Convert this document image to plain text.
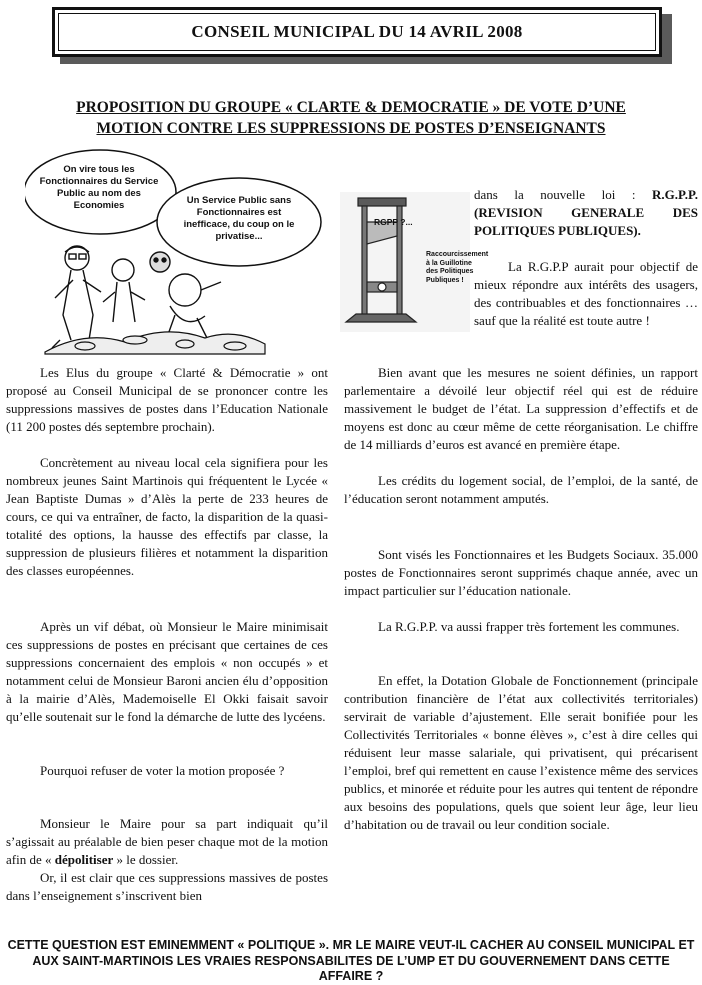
CONSEIL MUNICIPAL DU 14 AVRIL 2008

PROPOSITION DU GROUPE « CLARTE & DEMOCRATIE » DE VOTE D’UNE

MOTION CONTRE LES SUPPRESSIONS DE POSTES D’ENSEIGNANTS

On vire tous les Fonctionnaires du Service Public au nom des Economies	Un Service Public sans Fonctionnaires est inefficace, du coup on le privatise...
RGPP ?...
Raccourcissement à la Guillotine des Politiques Publiques !

dans la nouvelle loi : R.G.P.P. (REVISION GENERALE DES POLITIQUES PUBLIQUES).

La R.G.P.P aurait pour objectif de mieux répondre aux intérêts des usagers, des contribuables et des fonctionnaires …sauf que la réalité est toute autre !

Les Elus du groupe « Clarté & Démocratie » ont proposé au Conseil Municipal de se prononcer contre les suppressions massives de postes dans l’Education Nationale (11 200 postes dés septembre prochain).

Concrètement au niveau local cela signifiera pour les nombreux jeunes Saint Martinois qui fréquentent le Lycée « Jean Baptiste Dumas » d’Alès la perte de 233 heures de cours, ce qui va entraîner, de facto, la disparition de la quasi-totalité des options, la hausse des effectifs par classe, la suppression de plusieurs filières et notamment la disparition des classes européennes.

Après un vif débat, où Monsieur le Maire minimisait ces suppressions de postes en précisant que certaines de ces suppressions concernaient des emplois « non occupés » et notamment celui de Monsieur Baroni ancien élu d’opposition à la mairie d’Alès, Mademoiselle El Okki faisait savoir qu’elle soutenait sur le fond la démarche de lutte des lycéens.

Pourquoi refuser de voter la motion proposée ?

Monsieur le Maire pour sa part indiquait qu’il s’agissait au préalable de bien peser chaque mot de la motion afin de « dépolitiser » le dossier.

Or, il est clair que ces suppressions massives de postes dans l’enseignement s’inscrivent bien

Bien avant que les mesures ne soient définies, un rapport parlementaire a dévoilé leur objectif réel qui est de réduire massivement le budget de l’état. La suppression d’effectifs et de moyens est donc au cœur même de cette réorganisation. Le chiffre de 14 milliards d’euros est avancé en première étape.

Les crédits du logement social, de l’emploi, de la santé, de l’éducation seront notamment amputés.

Sont visés les Fonctionnaires et les Budgets Sociaux. 35.000 postes de Fonctionnaires seront supprimés chaque année, avec un impact particulier sur l’éducation nationale.

La R.G.P.P. va aussi frapper très fortement les communes.

En effet, la Dotation Globale de Fonctionnement (principale contribution financière de l’état aux collectivités territoriales) servirait de variable d’ajustement. Elle serait bonifiée pour les Collectivités Territoriales « bonne élèves », c’est à dire celles qui réduisent leur masse salariale, qui privatisent, qui précarisent l’emploi, bref qui remettent en cause l’existence même des services publics, et minorée et réduite pour les autres qui tentent de répondre aux besoins des populations, quels que soient leur âge, leur lieu d’habitation ou de travail ou leur condition sociale.

CETTE QUESTION EST EMINEMMENT « POLITIQUE ». MR LE MAIRE VEUT-IL CACHER AU CONSEIL MUNICIPAL ET AUX SAINT-MARTINOIS LES VRAIES RESPONSABILITES DE L’UMP ET DU GOUVERNEMENT DANS CETTE AFFAIRE ?
